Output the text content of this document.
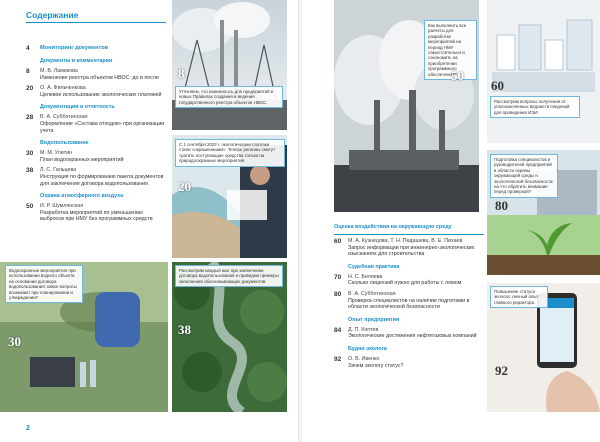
Содержание
4	Мониторинг документов
Документы и комментарии
8	М. В. Ламикова
Изменение реестра объектов НВОС: до и после
20	О. А. Фильченкова
Целевое использование экологических платежей
Документация и отчетность
28	В. А. Субботинская
Оформление «Состава отходов» при организации учета
Водопользование
30	М. М. Улитин
План водоохранных мероприятий
38	Л. С. Гальцева
Инструкция по формированию пакета документов для заключения договора водопользования
Охрана атмосферного воздуха
50	И. Р. Шумлянская
Разработка мероприятий по уменьшению выбросов при НМУ без программных средств
8
Уточняем, что изменилось для предприятий в новых Правилах создания и ведения государственного реестра объектов НВОС.
С 1 сентября 2022 г. экологические платежи стали «окрашенными». Теперь регионы смогут тратить поступающие средства только на природоохранные мероприятия.
20
Водоохранные мероприятия при использовании водного объекта на основании договора водопользования: какие вопросы возникают при планировании и утверждении?
30
Рассмотрим каждый шаг при заключении договора водопользования и приведем примеры заполнения обосновывающих документов.
38
2
Как выполнить все расчеты для разработки мероприятий на период НМУ самостоятельно и сэкономить на приобретении программного обеспечения?
50
60
Рассмотрим вопросы получения от уполномоченных ведомств сведений для проведения ИЭИ.
Подготовка специалистов и руководителей предприятий в области охраны окружающей среды и экологической безопасности: на что обратить внимание перед проверкой?
80
Повышение статуса эколога: личный опыт главного редактора.
92
Оценка воздействия на окружающую среду
60	М. А. Кузнецова, Т. Н. Педашева, В. Е. Пихаев
Запрос информации при инженерно-экологических изысканиях для строительства
Судебная практика
70	Н. С. Беляева
Сколько лицензий нужно для работы с ломом
80	В. А. Субботинская
Проверка специалистов на наличие подготовки в области экологической безопасности
Опыт предприятия
84	Д. П. Коптев
Экологические достижения нефтегазовых компаний
Будни эколога
92	О. В. Ивенко
Зачем экологу статус?
